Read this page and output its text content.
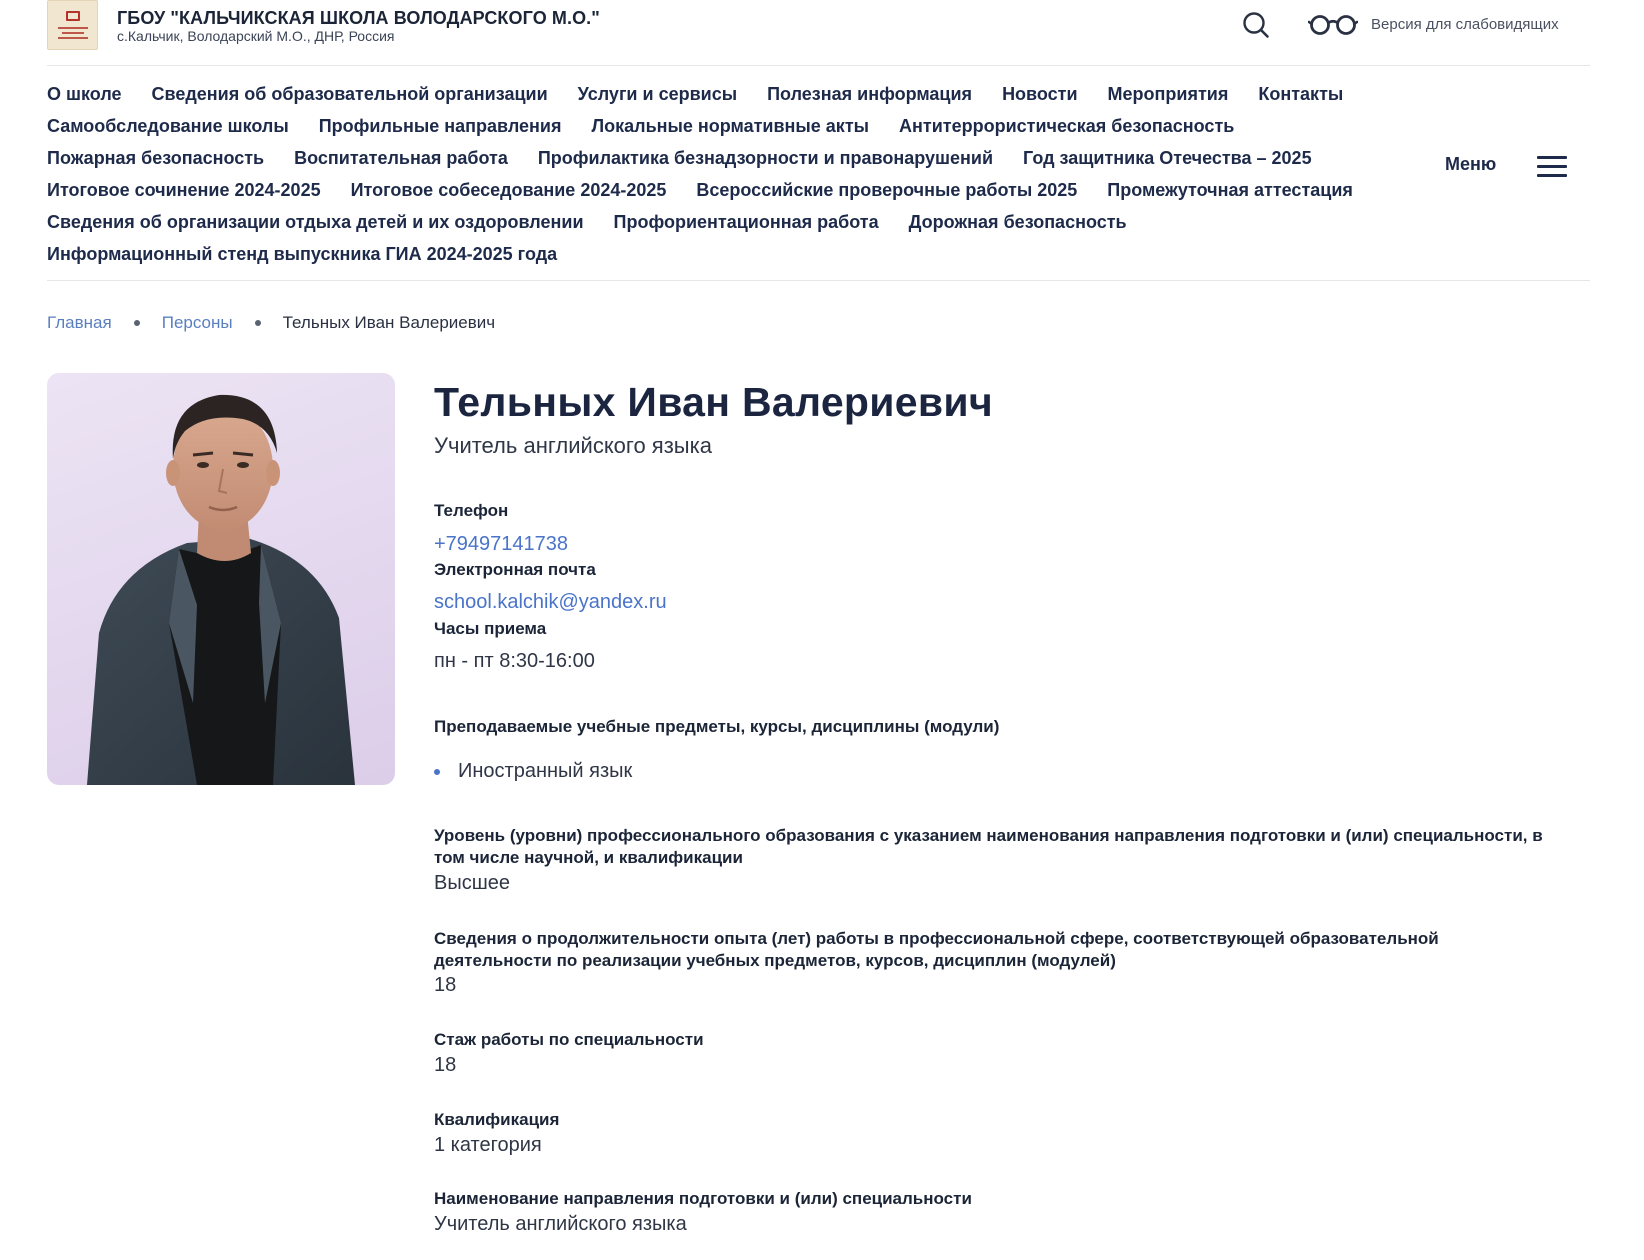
ГБОУ "КАЛЬЧИКСКАЯ ШКОЛА ВОЛОДАРСКОГО М.О."
с.Кальчик, Володарский М.О., ДНР, Россия
Версия для слабовидящих
О школе Сведения об образовательной организации Услуги и сервисы Полезная информация Новости Мероприятия Контакты
Самообследование школы Профильные направления Локальные нормативные акты Антитеррористическая безопасность
Пожарная безопасность Воспитательная работа Профилактика безнадзорности и правонарушений Год защитника Отечества – 2025
Итоговое сочинение 2024-2025 Итоговое собеседование 2024-2025 Всероссийские проверочные работы 2025 Промежуточная аттестация
Сведения об организации отдыха детей и их оздоровлении Профориентационная работа Дорожная безопасность
Информационный стенд выпускника ГИА 2024-2025 года
Меню
Главная	Персоны	Тельных Иван Валериевич
Тельных Иван Валериевич
Учитель английского языка
Телефон
+79497141738
Электронная почта
school.kalchik@yandex.ru
Часы приема
пн - пт 8:30-16:00
Преподаваемые учебные предметы, курсы, дисциплины (модули)
Иностранный язык
Уровень (уровни) профессионального образования с указанием наименования направления подготовки и (или) специальности, в том числе научной, и квалификации
Высшее
Сведения о продолжительности опыта (лет) работы в профессиональной сфере, соответствующей образовательной деятельности по реализации учебных предметов, курсов, дисциплин (модулей)
18
Стаж работы по специальности
18
Квалификация
1 категория
Наименование направления подготовки и (или) специальности
Учитель английского языка
